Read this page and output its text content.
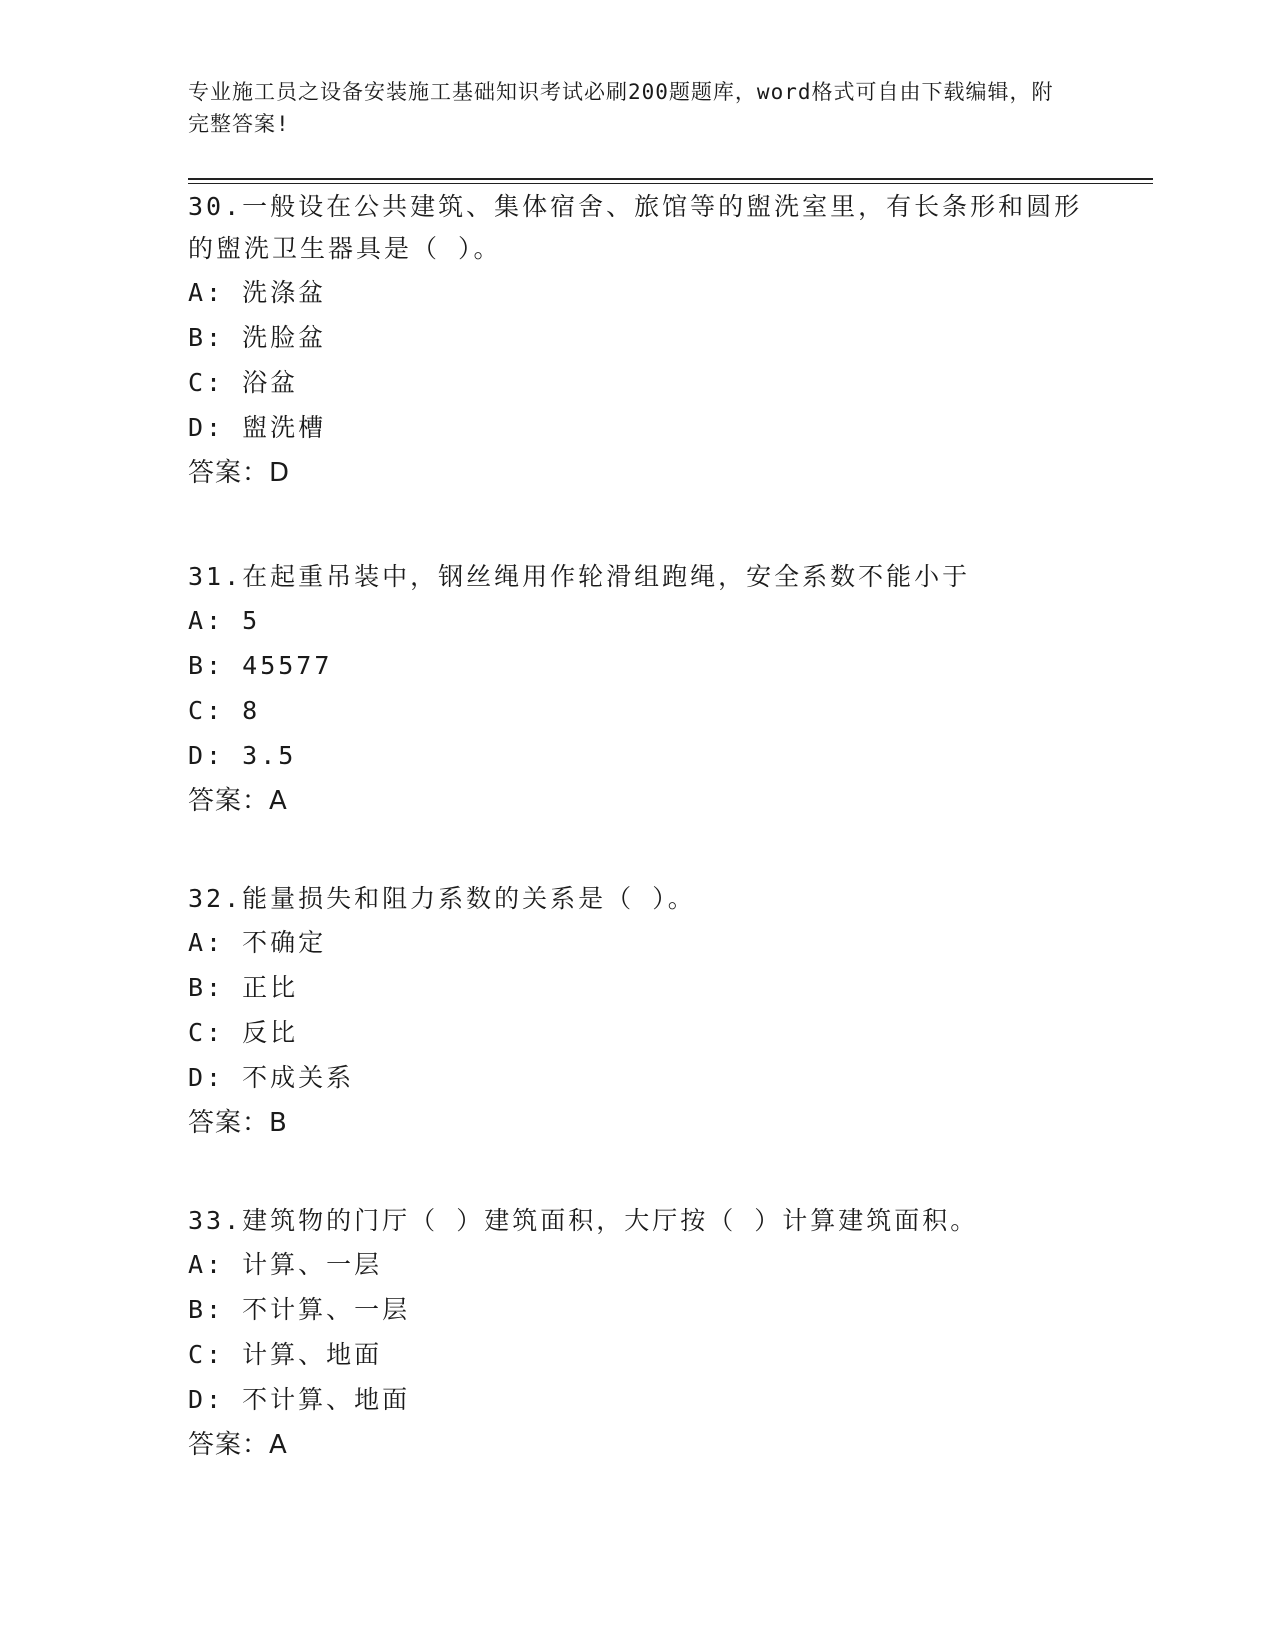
专业施工员之设备安装施工基础知识考试必刷200题题库，word格式可自由下载编辑，附完整答案!

30.一般设在公共建筑、集体宿舍、旅馆等的盥洗室里，有长条形和圆形的盥洗卫生器具是（ ）。

A: 洗涤盆
B: 洗脸盆
C: 浴盆
D: 盥洗槽
答案：D

31.在起重吊装中，钢丝绳用作轮滑组跑绳，安全系数不能小于

A: 5
B: 45577
C: 8
D: 3.5
答案：A

32.能量损失和阻力系数的关系是（ ）。

A: 不确定
B: 正比
C: 反比
D: 不成关系
答案：B

33.建筑物的门厅（ ）建筑面积，大厅按（ ）计算建筑面积。

A: 计算、一层
B: 不计算、一层
C: 计算、地面
D: 不计算、地面
答案：A
